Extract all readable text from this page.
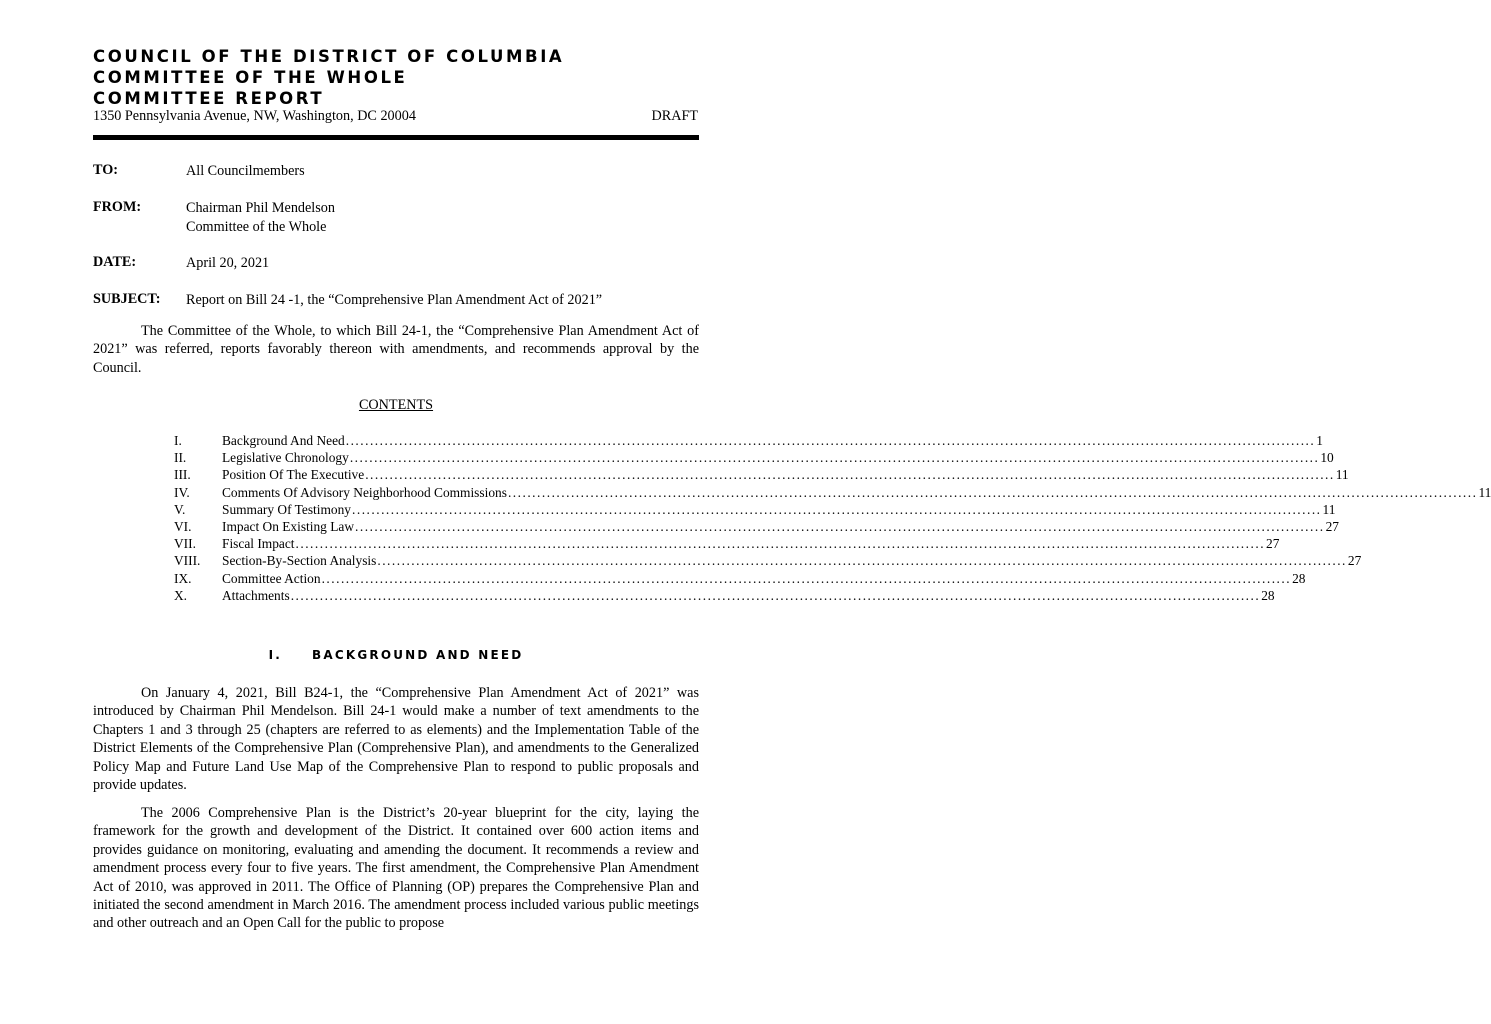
COUNCIL OF THE DISTRICT OF COLUMBIA
COMMITTEE OF THE WHOLE
COMMITTEE REPORT
1350 Pennsylvania Avenue, NW, Washington, DC 20004	DRAFT
TO:	All Councilmembers
FROM:	Chairman Phil Mendelson
Committee of the Whole
DATE:	April 20, 2021
SUBJECT: Report on Bill 24 -1, the “Comprehensive Plan Amendment Act of 2021”

The Committee of the Whole, to which Bill 24-1, the “Comprehensive Plan Amendment Act of 2021” was referred, reports favorably thereon with amendments, and recommends approval by the Council.

CONTENTS
I.	Background And Need ........................................................................................................................................................................................................ 1
II.	Legislative Chronology ........................................................................................................................................................................................................ 10
III.	Position Of The Executive ........................................................................................................................................................................................................ 11
IV.	Comments Of Advisory Neighborhood Commissions ........................................................................................................................................................................................................ 11
V.	Summary Of Testimony ........................................................................................................................................................................................................ 11
VI.	Impact On Existing Law ........................................................................................................................................................................................................ 27
VII.	Fiscal Impact ........................................................................................................................................................................................................ 27
VIII.	Section-By-Section Analysis ........................................................................................................................................................................................................ 27
IX.	Committee Action ........................................................................................................................................................................................................ 28
X.	Attachments ........................................................................................................................................................................................................ 28
I.	BACKGROUND AND NEED

On January 4, 2021, Bill B24-1, the “Comprehensive Plan Amendment Act of 2021” was introduced by Chairman Phil Mendelson. Bill 24-1 would make a number of text amendments to the Chapters 1 and 3 through 25 (chapters are referred to as elements) and the Implementation Table of the District Elements of the Comprehensive Plan (Comprehensive Plan), and amendments to the Generalized Policy Map and Future Land Use Map of the Comprehensive Plan to respond to public proposals and provide updates.

The 2006 Comprehensive Plan is the District’s 20-year blueprint for the city, laying the framework for the growth and development of the District. It contained over 600 action items and provides guidance on monitoring, evaluating and amending the document. It recommends a review and amendment process every four to five years. The first amendment, the Comprehensive Plan Amendment Act of 2010, was approved in 2011. The Office of Planning (OP) prepares the Comprehensive Plan and initiated the second amendment in March 2016. The amendment process included various public meetings and other outreach and an Open Call for the public to propose
